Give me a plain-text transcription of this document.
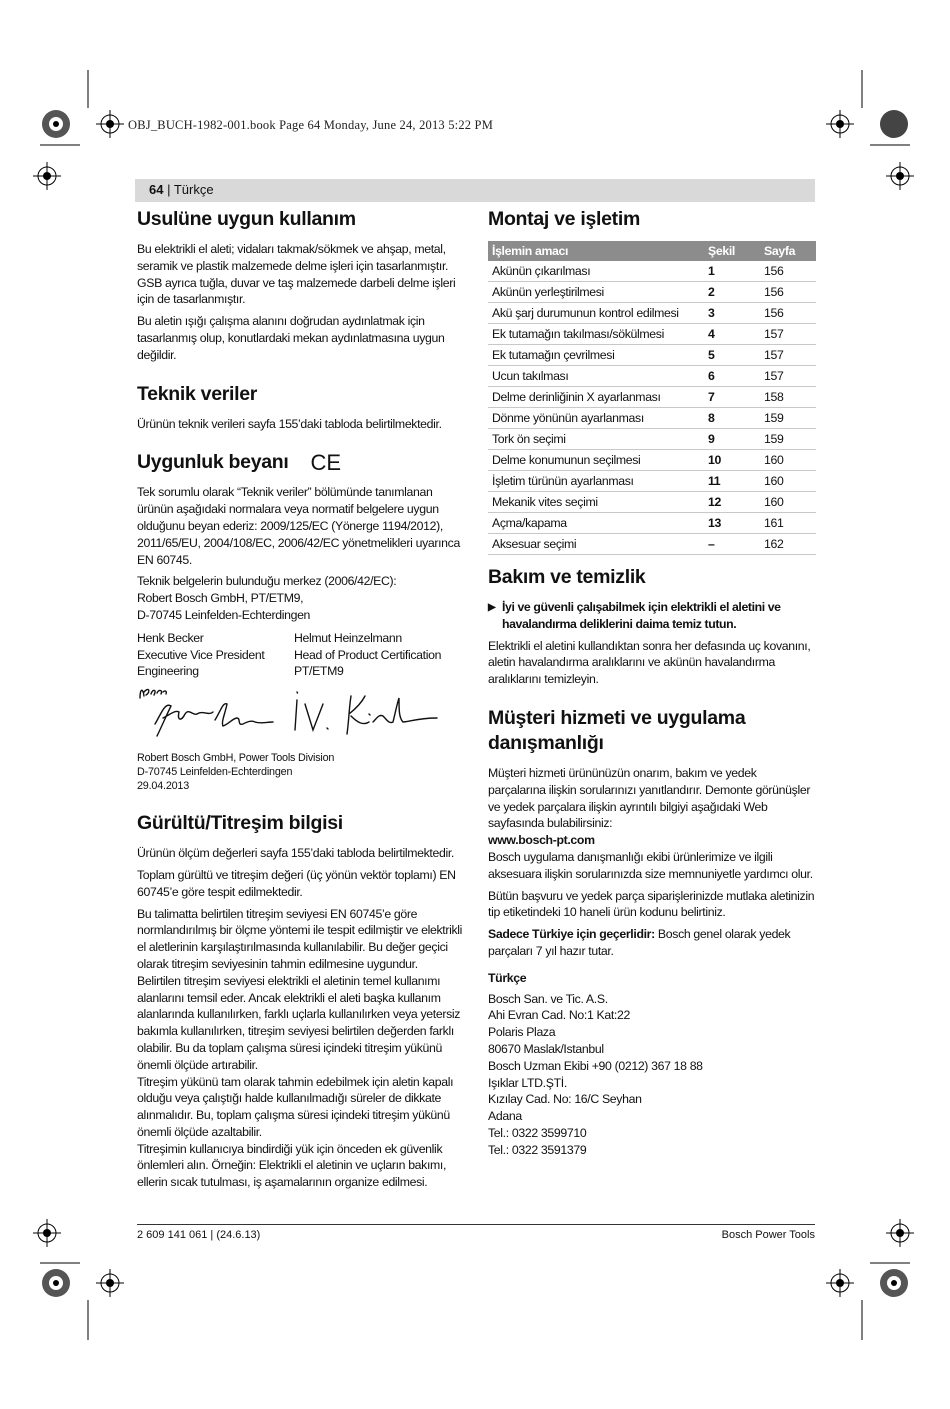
OBJ_BUCH-1982-001.book Page 64 Monday, June 24, 2013 5:22 PM
64 | Türkçe
Usulüne uygun kullanım

Bu elektrikli el aleti; vidaları takmak/sökmek ve ahşap, metal, seramik ve plastik malzemede delme işleri için tasarlanmıştır. GSB ayrıca tuğla, duvar ve taş malzemede darbeli delme işleri için de tasarlanmıştır.

Bu aletin ışığı çalışma alanını doğrudan aydınlatmak için tasarlanmış olup, konutlardaki mekan aydınlatmasına uygun değildir.

Teknik veriler

Ürünün teknik verileri sayfa 155’daki tabloda belirtilmektedir.

Uygunluk beyanı CE

Tek sorumlu olarak “Teknik veriler” bölümünde tanımlanan ürünün aşağıdaki normalara veya normatif belgelere uygun olduğunu beyan ederiz: 2009/125/EC (Yönerge 1194/2012), 2011/65/EU, 2004/108/EC, 2006/42/EC yönetmelikleri uyarınca EN 60745.

Teknik belgelerin bulunduğu merkez (2006/42/EC):
Robert Bosch GmbH, PT/ETM9,
D-70745 Leinfelden-Echterdingen

Henk Becker
Executive Vice President
Engineering
Helmut Heinzelmann
Head of Product Certification
PT/ETM9

Robert Bosch GmbH, Power Tools Division
D-70745 Leinfelden-Echterdingen
29.04.2013

Gürültü/Titreşim bilgisi

Ürünün ölçüm değerleri sayfa 155’daki tabloda belirtilmektedir.

Toplam gürültü ve titreşim değeri (üç yönün vektör toplamı) EN 60745’e göre tespit edilmektedir.

Bu talimatta belirtilen titreşim seviyesi EN 60745’e göre normlandırılmış bir ölçme yöntemi ile tespit edilmiştir ve elektrikli el aletlerinin karşılaştırılmasında kullanılabilir. Bu değer geçici olarak titreşim seviyesinin tahmin edilmesine uygundur.

Belirtilen titreşim seviyesi elektrikli el aletinin temel kullanımı alanlarını temsil eder. Ancak elektrikli el aleti başka kullanım alanlarında kullanılırken, farklı uçlarla kullanılırken veya yetersiz bakımla kullanılırken, titreşim seviyesi belirtilen değerden farklı olabilir. Bu da toplam çalışma süresi içindeki titreşim yükünü önemli ölçüde artırabilir.

Titreşim yükünü tam olarak tahmin edebilmek için aletin kapalı olduğu veya çalıştığı halde kullanılmadığı süreler de dikkate alınmalıdır. Bu, toplam çalışma süresi içindeki titreşim yükünü önemli ölçüde azaltabilir.

Titreşimin kullanıcıya bindirdiği yük için önceden ek güvenlik önlemleri alın. Örneğin: Elektrikli el aletinin ve uçların bakımı, ellerin sıcak tutulması, iş aşamalarının organize edilmesi.

Montaj ve işletim
İşlemin amacı	Şekil	Sayfa
Akünün çıkarılması	1	156
Akünün yerleştirilmesi	2	156
Akü şarj durumunun kontrol edilmesi	3	156
Ek tutamağın takılması/sökülmesi	4	157
Ek tutamağın çevrilmesi	5	157
Ucun takılması	6	157
Delme derinliğinin X ayarlanması	7	158
Dönme yönünün ayarlanması	8	159
Tork ön seçimi	9	159
Delme konumunun seçilmesi	10	160
İşletim türünün ayarlanması	11	160
Mekanik vites seçimi	12	160
Açma/kapama	13	161
Aksesuar seçimi	–	162
Bakım ve temizlik
▶ İyi ve güvenli çalışabilmek için elektrikli el aletini ve havalandırma deliklerini daima temiz tutun.

Elektrikli el aletini kullandıktan sonra her defasında uç kovanını, aletin havalandırma aralıklarını ve akünün havalandırma aralıklarını temizleyin.

Müşteri hizmeti ve uygulama danışmanlığı

Müşteri hizmeti ürününüzün onarım, bakım ve yedek parçalarına ilişkin sorularınızı yanıtlandırır. Demonte görünüşler ve yedek parçalara ilişkin ayrıntılı bilgiyi aşağıdaki Web sayfasında bulabilirsiniz:

www.bosch-pt.com

Bosch uygulama danışmanlığı ekibi ürünlerimize ve ilgili aksesuara ilişkin sorularınızda size memnuniyetle yardımcı olur.

Bütün başvuru ve yedek parça siparişlerinizde mutlaka aletinizin tip etiketindeki 10 haneli ürün kodunu belirtiniz.

Sadece Türkiye için geçerlidir: Bosch genel olarak yedek parçaları 7 yıl hazır tutar.

Türkçe

Bosch San. ve Tic. A.S.
Ahi Evran Cad. No:1 Kat:22
Polaris Plaza
80670 Maslak/Istanbul
Bosch Uzman Ekibi +90 (0212) 367 18 88
Işıklar LTD.ŞTİ.
Kızılay Cad. No: 16/C Seyhan
Adana
Tel.: 0322 3599710
Tel.: 0322 3591379

2 609 141 061 | (24.6.13)	Bosch Power Tools
